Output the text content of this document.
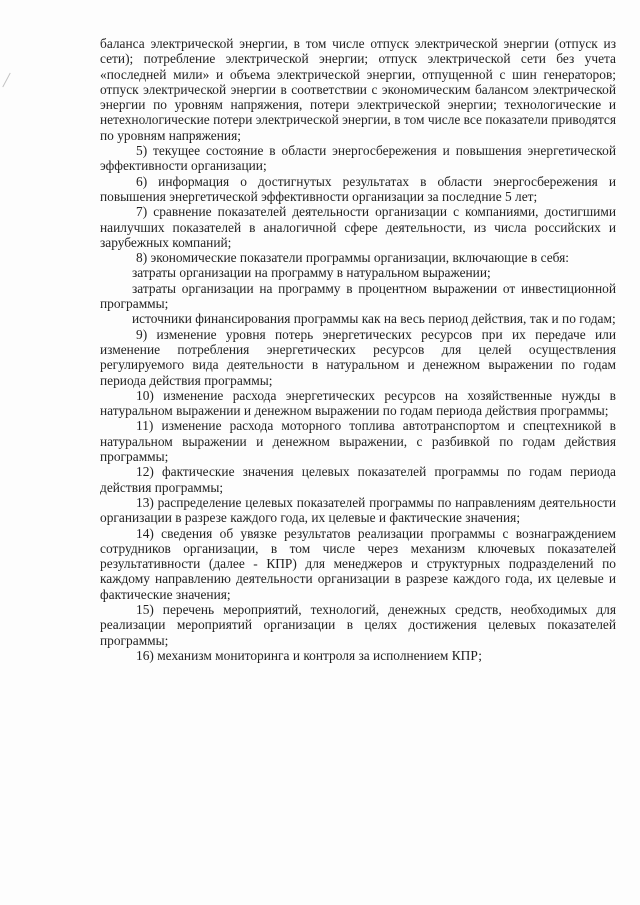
баланса электрической энергии, в том числе отпуск электрической энергии (отпуск из сети); потребление электрической энергии; отпуск электрической сети без учета «последней мили» и объема электрической энергии, отпущенной с шин генераторов; отпуск электрической энергии в соответствии с экономическим балансом электрической энергии по уровням напряжения, потери электрической энергии; технологические и нетехнологические потери электрической энергии, в том числе все показатели приводятся по уровням напряжения;

5) текущее состояние в области энергосбережения и повышения энергетической эффективности организации;

6) информация о достигнутых результатах в области энергосбережения и повышения энергетической эффективности организации за последние 5 лет;

7) сравнение показателей деятельности организации с компаниями, достигшими наилучших показателей в аналогичной сфере деятельности, из числа российских и зарубежных компаний;

8) экономические показатели программы организации, включающие в себя:

затраты организации на программу в натуральном выражении;

затраты организации на программу в процентном выражении от инвестиционной программы;

источники финансирования программы как на весь период действия, так и по годам;

9) изменение уровня потерь энергетических ресурсов при их передаче или изменение потребления энергетических ресурсов для целей осуществления регулируемого вида деятельности в натуральном и денежном выражении по годам периода действия программы;

10) изменение расхода энергетических ресурсов на хозяйственные нужды в натуральном выражении и денежном выражении по годам периода действия программы;

11) изменение расхода моторного топлива автотранспортом и спецтехникой в натуральном выражении и денежном выражении, с разбивкой по годам действия программы;

12) фактические значения целевых показателей программы по годам периода действия программы;

13) распределение целевых показателей программы по направлениям деятельности организации в разрезе каждого года, их целевые и фактические значения;

14) сведения об увязке результатов реализации программы с вознаграждением сотрудников организации, в том числе через механизм ключевых показателей результативности (далее - КПР) для менеджеров и структурных подразделений по каждому направлению деятельности организации в разрезе каждого года, их целевые и фактические значения;

15) перечень мероприятий, технологий, денежных средств, необходимых для реализации мероприятий организации в целях достижения целевых показателей программы;

16) механизм мониторинга и контроля за исполнением КПР;
